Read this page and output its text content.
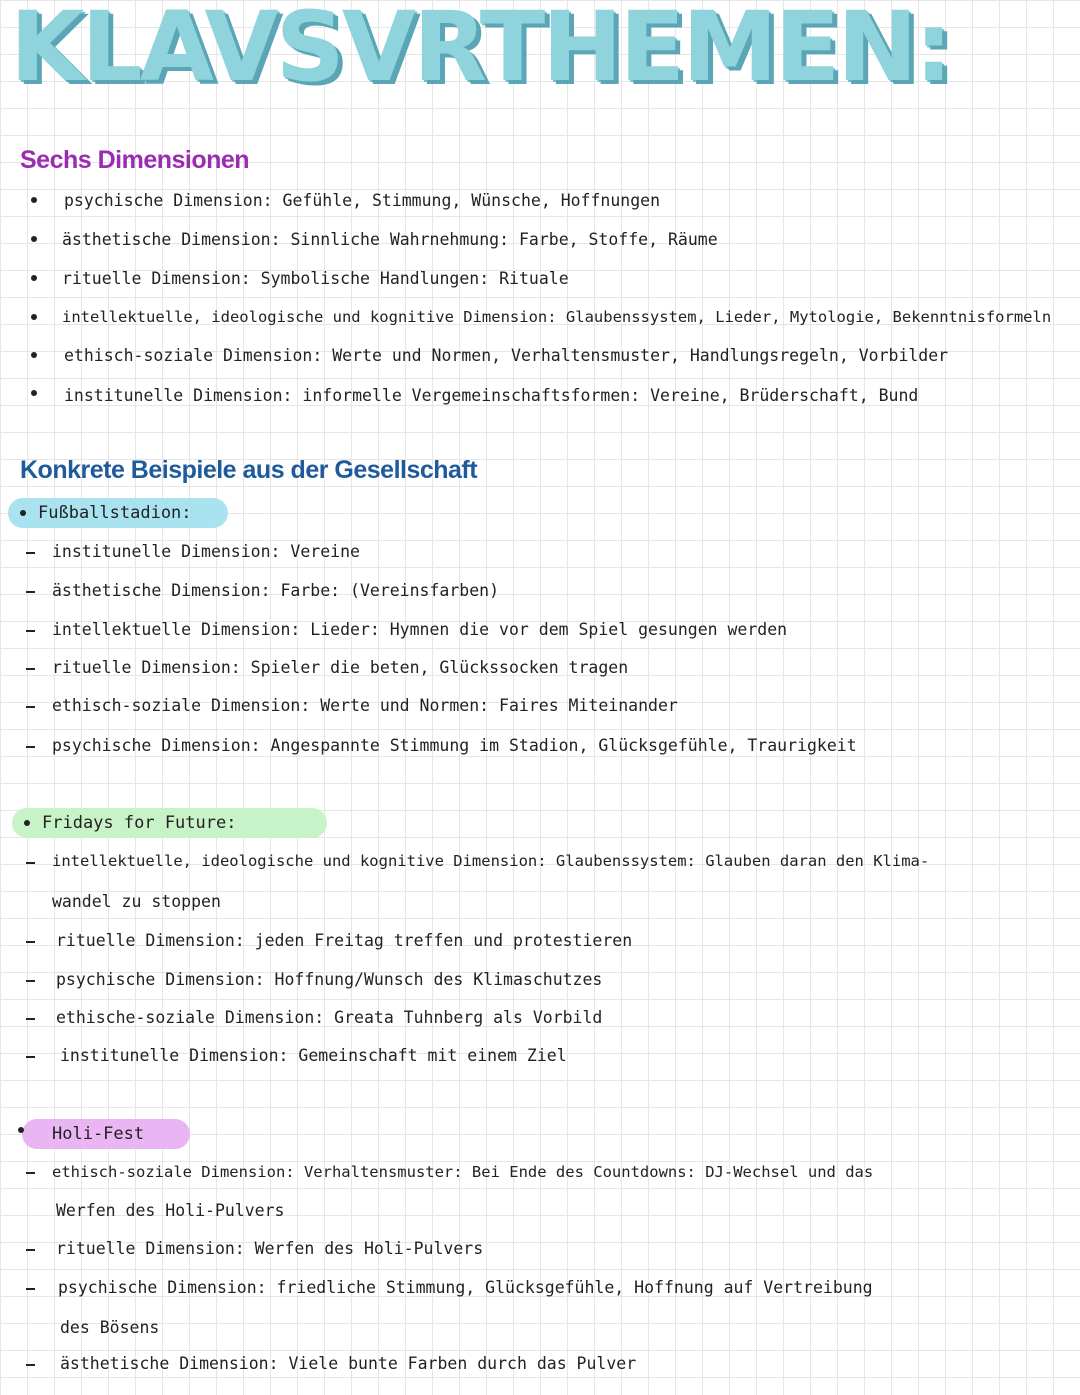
KLAVSVRTHEMEN:
Sechs Dimensionen
psychische Dimension: Gefühle, Stimmung, Wünsche, Hoffnungen
ästhetische Dimension: Sinnliche Wahrnehmung: Farbe, Stoffe, Räume
rituelle Dimension: Symbolische Handlungen: Rituale
intellektuelle, ideologische und kognitive Dimension: Glaubenssystem, Lieder, Mytologie, Bekenntnisformeln
ethisch-soziale Dimension: Werte und Normen, Verhaltensmuster, Handlungsregeln, Vorbilder
institunelle Dimension: informelle Vergemeinschaftsformen: Vereine, Brüderschaft, Bund
Konkrete Beispiele aus der Gesellschaft
Fußballstadion:
institunelle Dimension: Vereine
ästhetische Dimension: Farbe: (Vereinsfarben)
intellektuelle Dimension: Lieder: Hymnen die vor dem Spiel gesungen werden
rituelle Dimension: Spieler die beten, Glückssocken tragen
ethisch-soziale Dimension: Werte und Normen: Faires Miteinander
psychische Dimension: Angespannte Stimmung im Stadion, Glücksgefühle, Traurigkeit
Fridays for Future:
intellektuelle, ideologische und kognitive Dimension: Glaubenssystem: Glauben daran den Klima-
wandel zu stoppen
rituelle Dimension: jeden Freitag treffen und protestieren
psychische Dimension: Hoffnung/Wunsch des Klimaschutzes
ethische-soziale Dimension: Greata Tuhnberg als Vorbild
institunelle Dimension: Gemeinschaft mit einem Ziel
Holi-Fest
ethisch-soziale Dimension: Verhaltensmuster: Bei Ende des Countdowns: DJ-Wechsel und das
Werfen des Holi-Pulvers
rituelle Dimension: Werfen des Holi-Pulvers
psychische Dimension: friedliche Stimmung, Glücksgefühle, Hoffnung auf Vertreibung
des Bösens
ästhetische Dimension: Viele bunte Farben durch das Pulver
